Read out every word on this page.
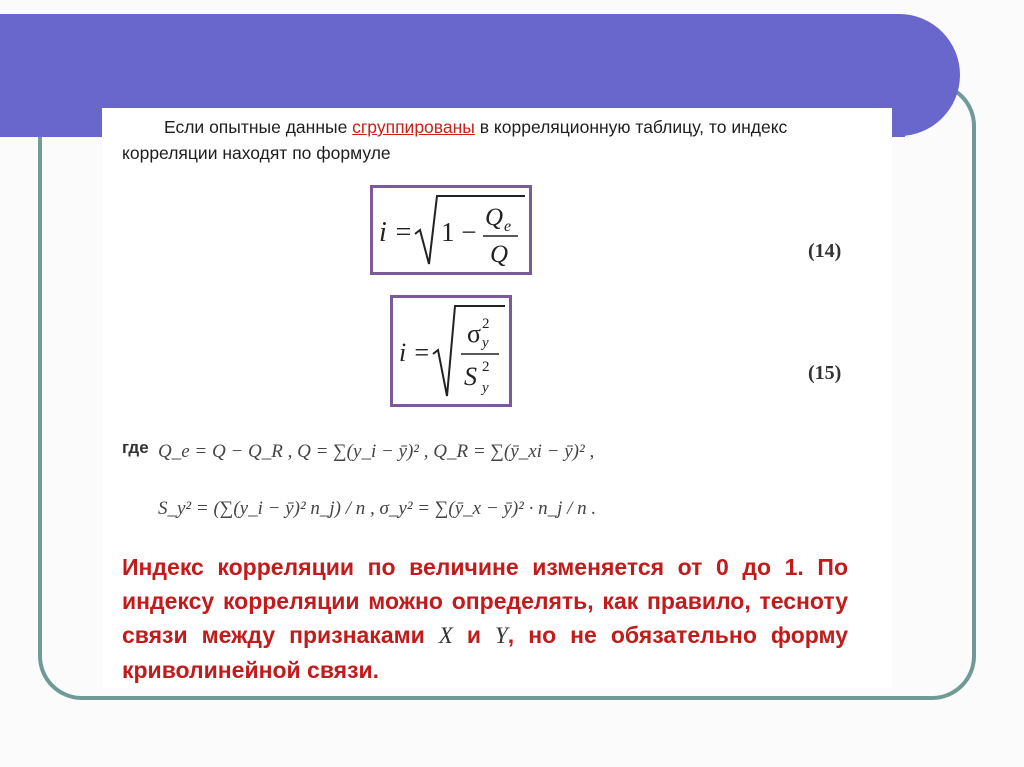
Если опытные данные сгруппированы в корреляционную таблицу, то индекс корреляции находят по формуле
i = 1 − Q e
Q	(14)
i =
σ 2
y
S 2
y
(15)
где Q_e = Q − Q_R , Q = ∑(y_i − ȳ)² , Q_R = ∑(ȳ_xi − ȳ)² ,
S_y² = (∑(y_i − ȳ)² n_j) / n , σ_y² = ∑(ȳ_x − ȳ)² · n_j / n .
Индекс корреляции по величине изменяется от 0 до 1. По индексу корреляции можно определять, как правило, тесноту связи между признаками X и Y, но не обязательно форму криволинейной связи.
